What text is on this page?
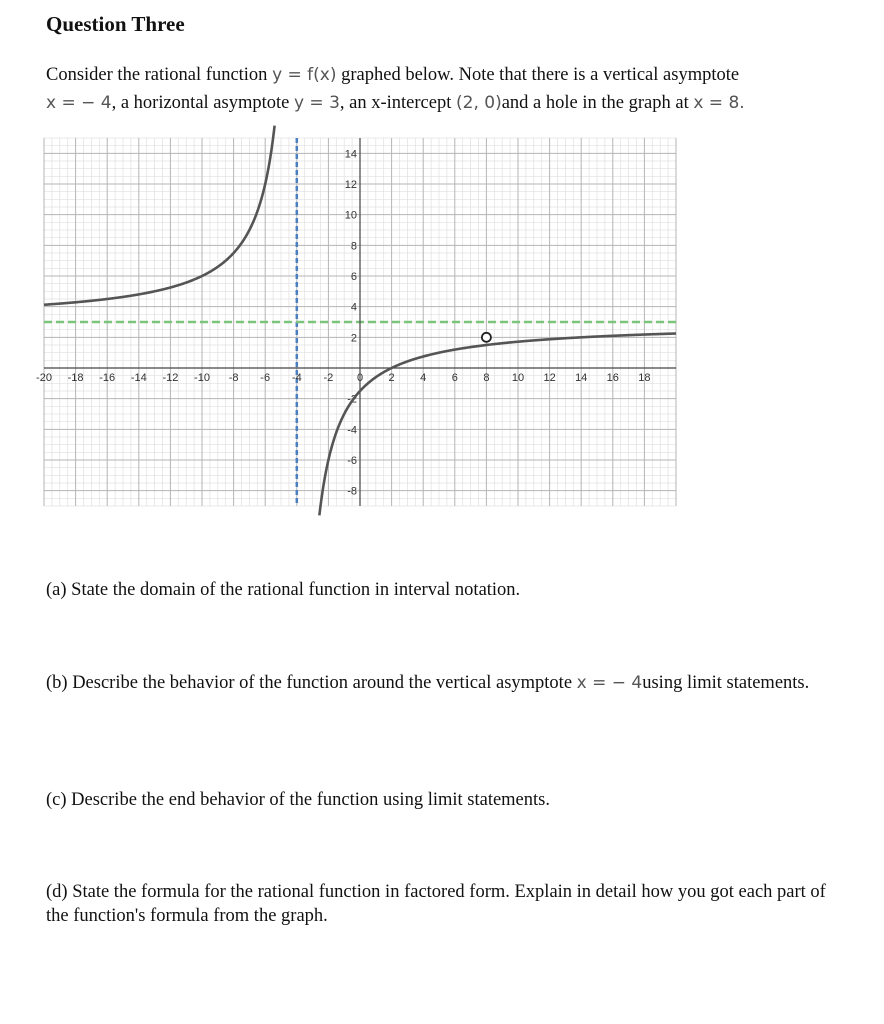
Question Three
Consider the rational function y = f(x) graphed below. Note that there is a vertical asymptote
x = − 4, a horizontal asymptote y = 3, an x-intercept (2, 0)and a hole in the graph at x = 8.
-20 -18 -16 -14 -12 -10 -8 -6 -4 -2 0 2 4 6 8 10 12 14 16 18
14
12
10
8
6
4
2
-2
-4
-6
-8
(a) State the domain of the rational function in interval notation.
(b) Describe the behavior of the function around the vertical asymptote x = − 4using limit statements.
(c) Describe the end behavior of the function using limit statements.
(d) State the formula for the rational function in factored form. Explain in detail how you got each part of the function's formula from the graph.
